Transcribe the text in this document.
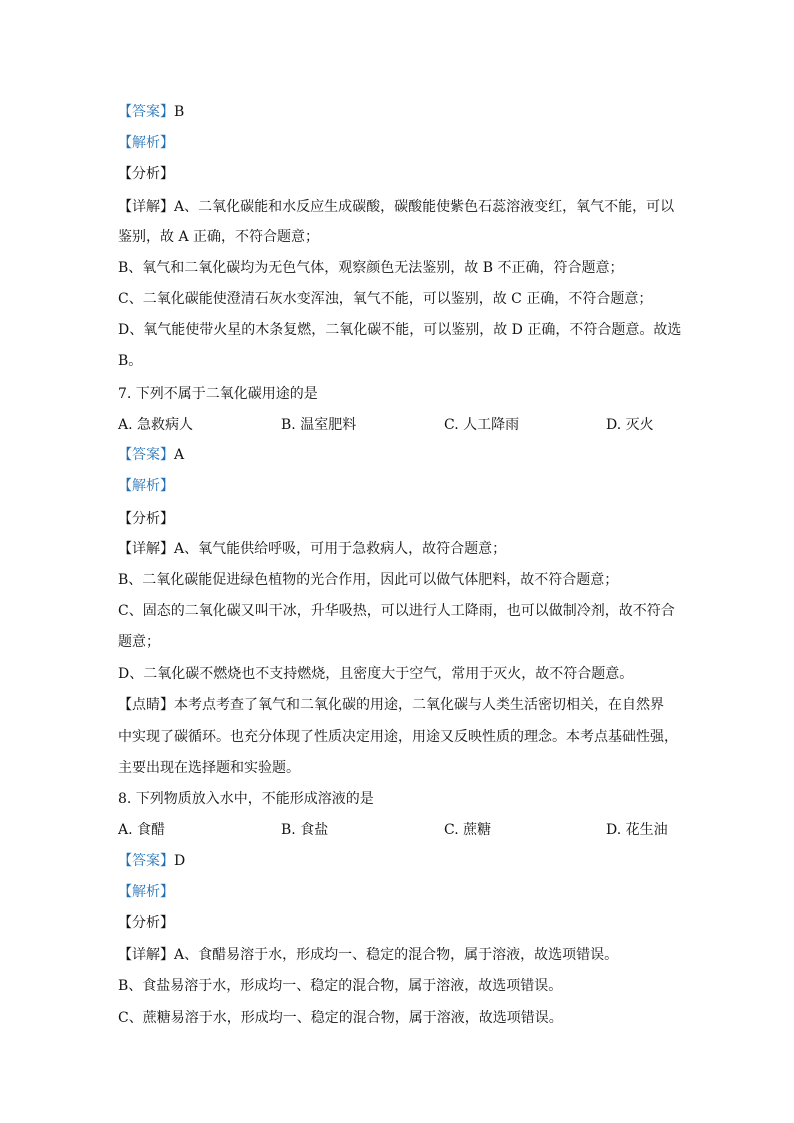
【答案】B
【解析】
【分析】
【详解】A、二氧化碳能和水反应生成碳酸，碳酸能使紫色石蕊溶液变红，氧气不能，可以
鉴别，故 A 正确，不符合题意；
B、氧气和二氧化碳均为无色气体，观察颜色无法鉴别，故 B 不正确，符合题意；
C、二氧化碳能使澄清石灰水变浑浊，氧气不能，可以鉴别，故 C 正确，不符合题意；
D、氧气能使带火星的木条复燃，二氧化碳不能，可以鉴别，故 D 正确，不符合题意。故选
B。
7. 下列不属于二氧化碳用途的是
A. 急救病人	B. 温室肥料	C. 人工降雨	D. 灭火
【答案】A
【解析】
【分析】
【详解】A、氧气能供给呼吸，可用于急救病人，故符合题意；
B、二氧化碳能促进绿色植物的光合作用，因此可以做气体肥料，故不符合题意；
C、固态的二氧化碳又叫干冰，升华吸热，可以进行人工降雨，也可以做制冷剂，故不符合
题意；
D、二氧化碳不燃烧也不支持燃烧，且密度大于空气，常用于灭火，故不符合题意。
【点睛】本考点考查了氧气和二氧化碳的用途，二氧化碳与人类生活密切相关，在自然界
中实现了碳循环。也充分体现了性质决定用途，用途又反映性质的理念。本考点基础性强，
主要出现在选择题和实验题。
8. 下列物质放入水中，不能形成溶液的是
A. 食醋	B. 食盐	C. 蔗糖	D. 花生油
【答案】D
【解析】
【分析】
【详解】A、食醋易溶于水，形成均一、稳定的混合物，属于溶液，故选项错误。
B、食盐易溶于水，形成均一、稳定的混合物，属于溶液，故选项错误。
C、蔗糖易溶于水，形成均一、稳定的混合物，属于溶液，故选项错误。
